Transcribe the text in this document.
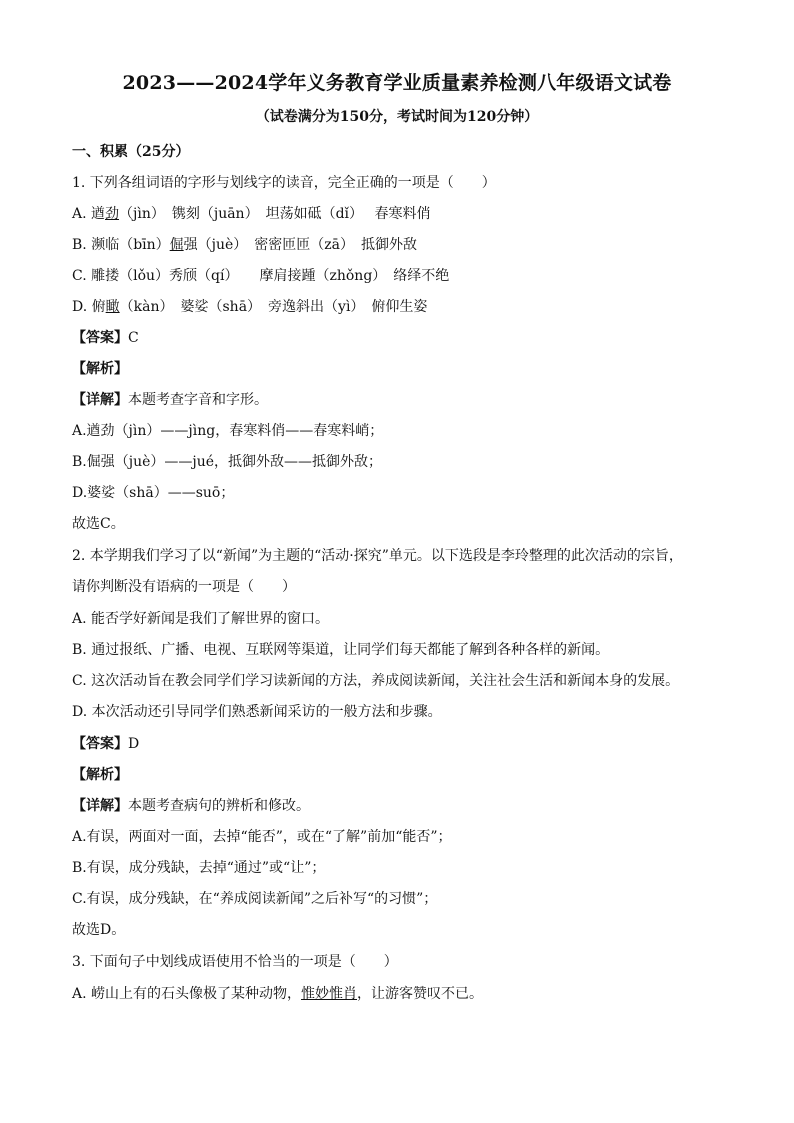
2023——2024学年义务教育学业质量素养检测八年级语文试卷
（试卷满分为150分，考试时间为120分钟）
一、积累（25分）
1. 下列各组词语的字形与划线字的读音，完全正确的一项是（　　）
A. 遒劲（jìn）　镌刻（juān）　坦荡如砥（dǐ）　 春寒料俏
B. 濒临（bīn）倔强（juè）　密密匝匝（zā）　抵御外敌
C. 雕搂（lǒu）秀颀（qí）　　摩肩接踵（zhǒng）　络绎不绝
D. 俯瞰（kàn）　婆娑（shā）　旁逸斜出（yì）　俯仰生姿
【答案】C
【解析】
【详解】本题考查字音和字形。
A.遒劲（jìn）——jìng，春寒料俏——春寒料峭；
B.倔强（juè）——jué，抵御外敌——抵御外敌；
D.婆娑（shā）——suō；
故选C。
2. 本学期我们学习了以“新闻”为主题的“活动·探究”单元。以下选段是李玲整理的此次活动的宗旨，
请你判断没有语病的一项是（　　）
A. 能否学好新闻是我们了解世界的窗口。
B. 通过报纸、广播、电视、互联网等渠道，让同学们每天都能了解到各种各样的新闻。
C. 这次活动旨在教会同学们学习读新闻的方法，养成阅读新闻，关注社会生活和新闻本身的发展。
D. 本次活动还引导同学们熟悉新闻采访的一般方法和步骤。
【答案】D
【解析】
【详解】本题考查病句的辨析和修改。
A.有误，两面对一面，去掉“能否”，或在“了解”前加“能否”；
B.有误，成分残缺，去掉“通过”或“让”；
C.有误，成分残缺，在“养成阅读新闻”之后补写“的习惯”；
故选D。
3. 下面句子中划线成语使用不恰当的一项是（　　）
A. 崂山上有的石头像极了某种动物，惟妙惟肖，让游客赞叹不已。
